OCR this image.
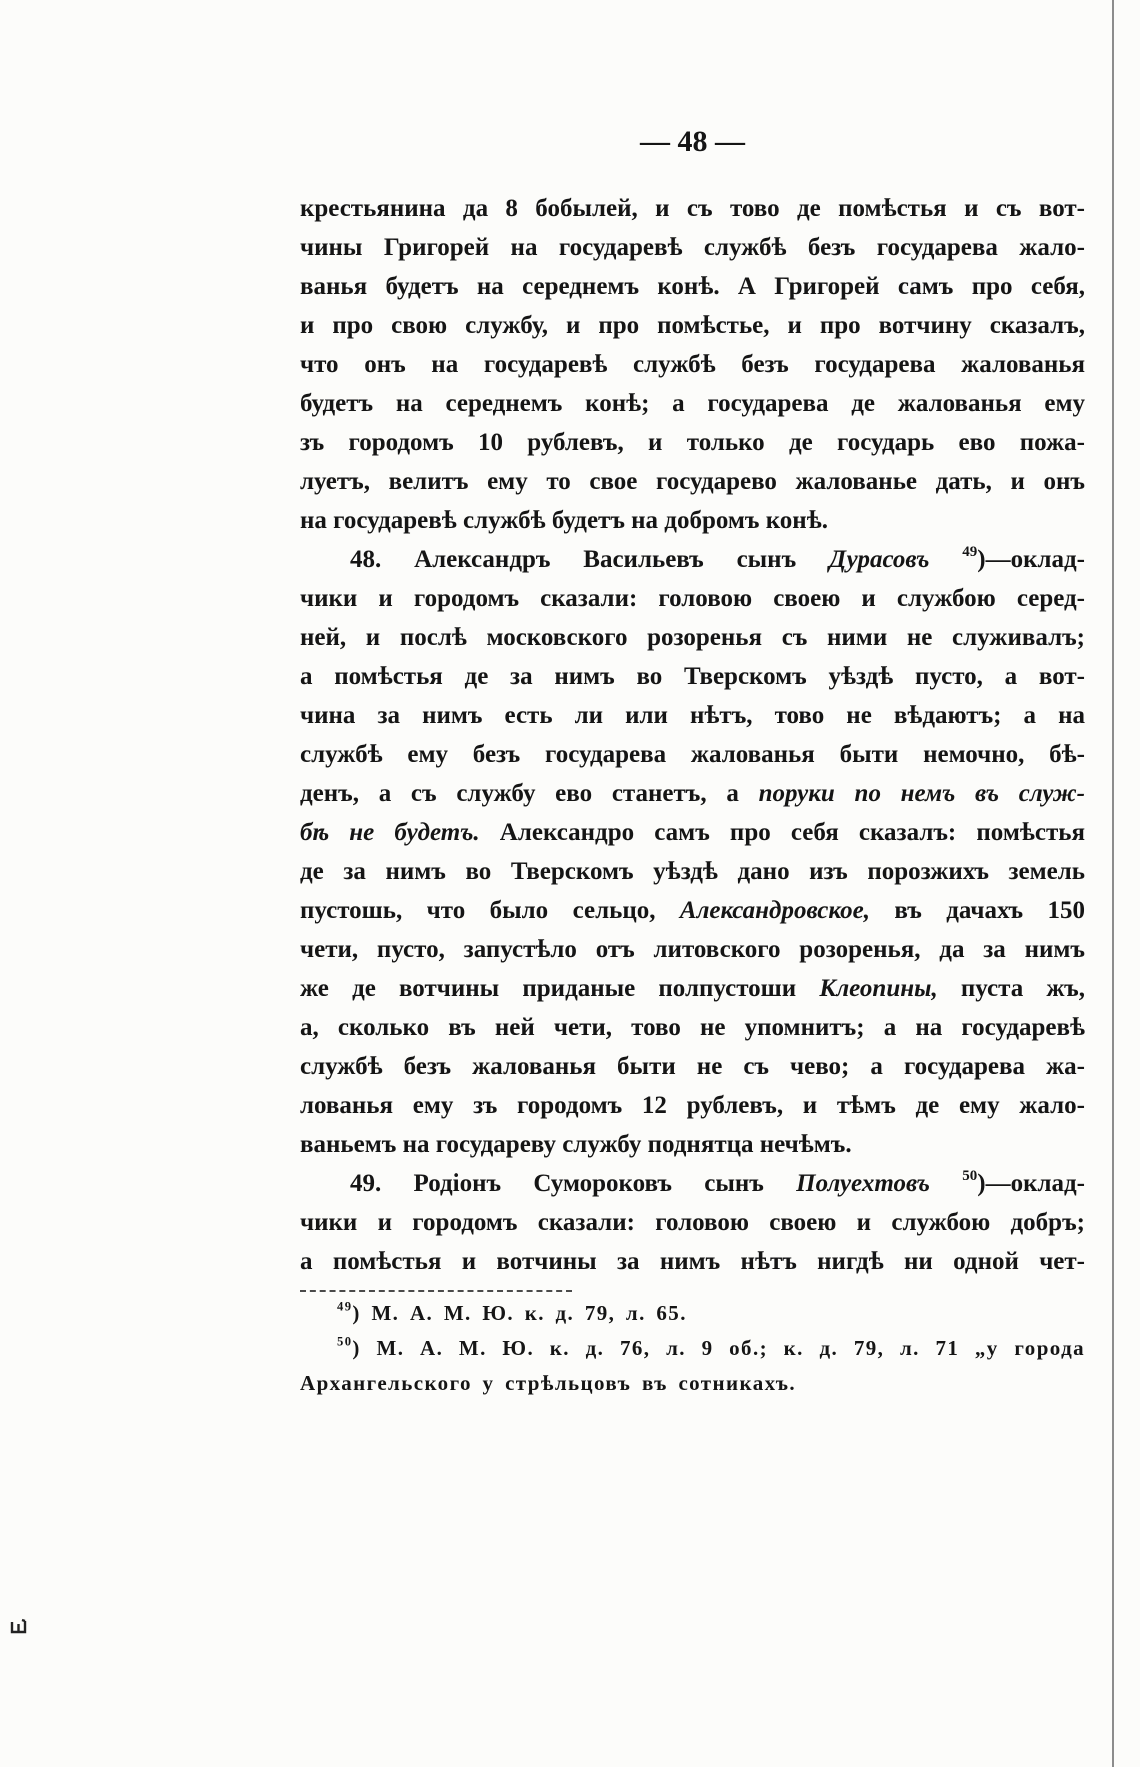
— 48 —
крестьянина да 8 бобылей, и съ тово де помѣстья и съ вот-
чины Григорей на государевѣ службѣ безъ государева жало-
ванья будетъ на середнемъ конѣ. А Григорей самъ про себя,
и про свою службу, и про помѣстье, и про вотчину сказалъ,
что онъ на государевѣ службѣ безъ государева жалованья
будетъ на середнемъ конѣ; а государева де жалованья ему
зъ городомъ 10 рублевъ, и только де государь ево пожа-
луетъ, велитъ ему то свое государево жалованье дать, и онъ
на государевѣ службѣ будетъ на добромъ конѣ.
48. Александръ Васильевъ сынъ Дурасовъ $^{49}$)—оклад-
чики и городомъ сказали: головою своею и службою серед-
ней, и послѣ московского розоренья съ ними не служивалъ;
а помѣстья де за нимъ во Тверскомъ уѣздѣ пусто, а вот-
чина за нимъ есть ли или нѣтъ, тово не вѣдаютъ; а на
службѣ ему безъ государева жалованья быти немочно, бѣ-
денъ, а съ службу ево станетъ, а поруки по немъ въ служ-
бѣ не будетъ. Александро самъ про себя сказалъ: помѣстья
де за нимъ во Тверскомъ уѣздѣ дано изъ порозжихъ земель
пустошь, что было сельцо, Александровское, въ дачахъ 150
чети, пусто, запустѣло отъ литовского розоренья, да за нимъ
же де вотчины приданые полпустоши Клеопины, пуста жъ,
а, сколько въ ней чети, тово не упомнитъ; а на государевѣ
службѣ безъ жалованья быти не съ чево; а государева жа-
лованья ему зъ городомъ 12 рублевъ, и тѣмъ де ему жало-
ваньемъ на государеву службу поднятца нечѣмъ.
49. Родіонъ Сумороковъ сынъ Полуехтовъ $^{50}$)—оклад-
чики и городомъ сказали: головою своею и службою добръ;
а помѣстья и вотчины за нимъ нѣтъ нигдѣ ни одной чет-
$^{49}$) М. А. М. Ю. к. д. 79, л. 65.
$^{50}$) М. А. М. Ю. к. д. 76, л. 9 об.; к. д. 79, л. 71 „у города
Архангельского у стрѣльцовъ въ сотникахъ.
